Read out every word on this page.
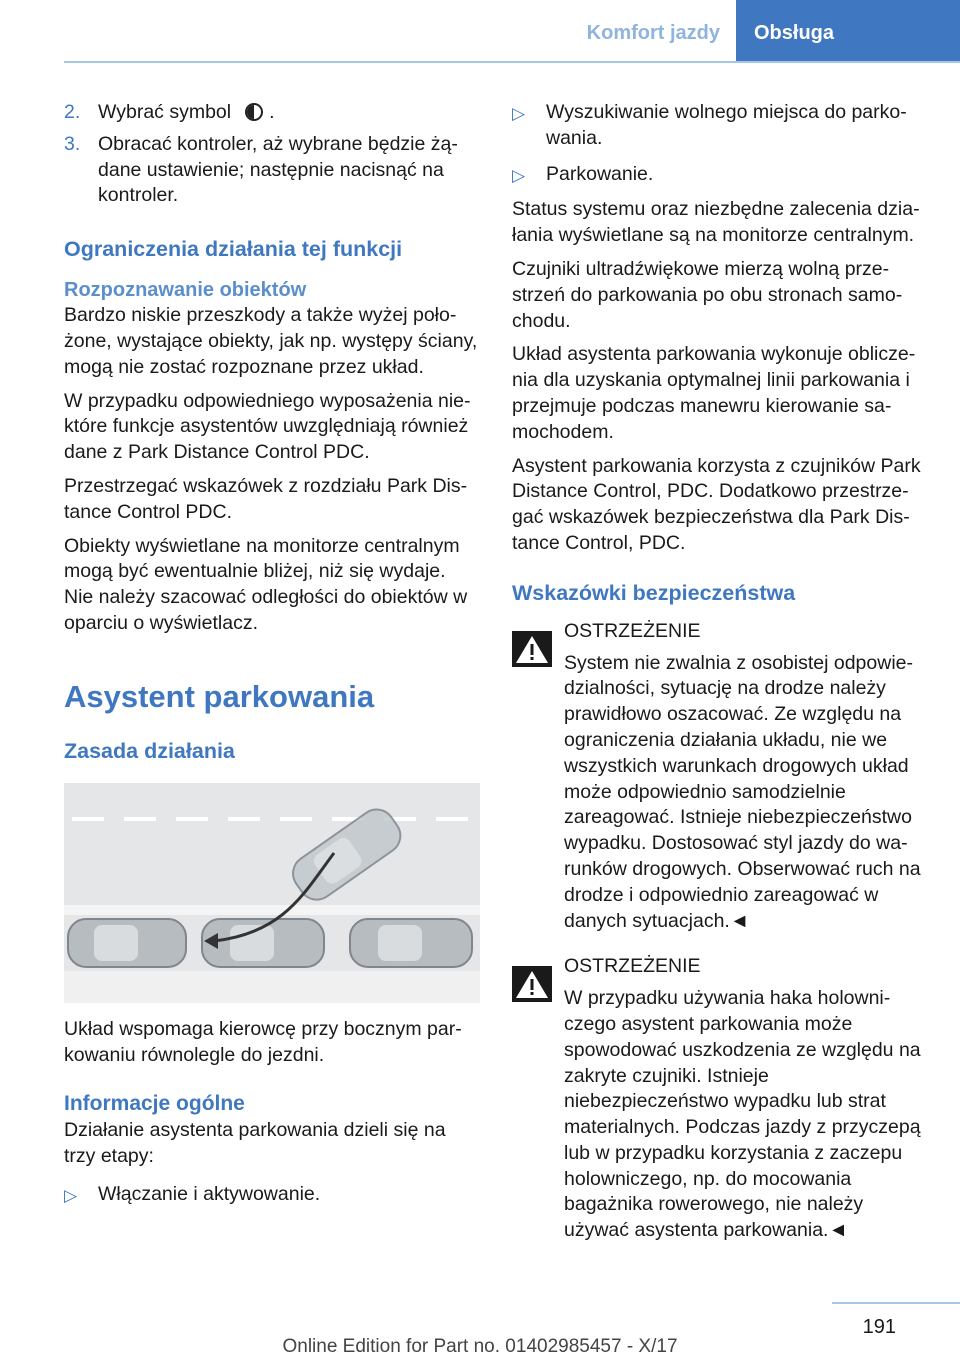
Komfort jazdy	Obsługa
2. Wybrać symbol .
3. Obracać kontroler, aż wybrane będzie żądane ustawienie; następnie nacisnąć na kontroler.
Ograniczenia działania tej funkcji
Rozpoznawanie obiektów

Bardzo niskie przeszkody a także wyżej położone, wystające obiekty, jak np. występy ściany, mogą nie zostać rozpoznane przez układ.

W przypadku odpowiedniego wyposażenia niektóre funkcje asystentów uwzględniają również dane z Park Distance Control PDC.

Przestrzegać wskazówek z rozdziału Park Distance Control PDC.

Obiekty wyświetlane na monitorze centralnym mogą być ewentualnie bliżej, niż się wydaje. Nie należy szacować odległości do obiektów w oparciu o wyświetlacz.

Asystent parkowania
Zasada działania

Układ wspomaga kierowcę przy bocznym parkowaniu równolegle do jezdni.

Informacje ogólne

Działanie asystenta parkowania dzieli się na trzy etapy:

▷ Włączanie i aktywowanie.
▷ Wyszukiwanie wolnego miejsca do parkowania.
▷ Parkowanie.

Status systemu oraz niezbędne zalecenia działania wyświetlane są na monitorze centralnym.

Czujniki ultradźwiękowe mierzą wolną przestrzeń do parkowania po obu stronach samochodu.

Układ asystenta parkowania wykonuje obliczenia dla uzyskania optymalnej linii parkowania i przejmuje podczas manewru kierowanie samochodem.

Asystent parkowania korzysta z czujników Park Distance Control, PDC. Dodatkowo przestrzegać wskazówek bezpieczeństwa dla Park Distance Control, PDC.

Wskazówki bezpieczeństwa
OSTRZEŻENIE
System nie zwalnia z osobistej odpowiedzialności, sytuację na drodze należy prawidłowo oszacować. Ze względu na ograniczenia działania układu, nie we wszystkich warunkach drogowych układ może odpowiednio samodzielnie zareagować. Istnieje niebezpieczeństwo wypadku. Dostosować styl jazdy do warunków drogowych. Obserwować ruch na drodze i odpowiednio zareagować w danych sytuacjach.◄
OSTRZEŻENIE
W przypadku używania haka holowniczego asystent parkowania może spowodować uszkodzenia ze względu na zakryte czujniki. Istnieje niebezpieczeństwo wypadku lub strat materialnych. Podczas jazdy z przyczepą lub w przypadku korzystania z zaczepu holowniczego, np. do mocowania bagażnika rowerowego, nie należy używać asystenta parkowania.◄
191
Online Edition for Part no. 01402985457 - X/17
